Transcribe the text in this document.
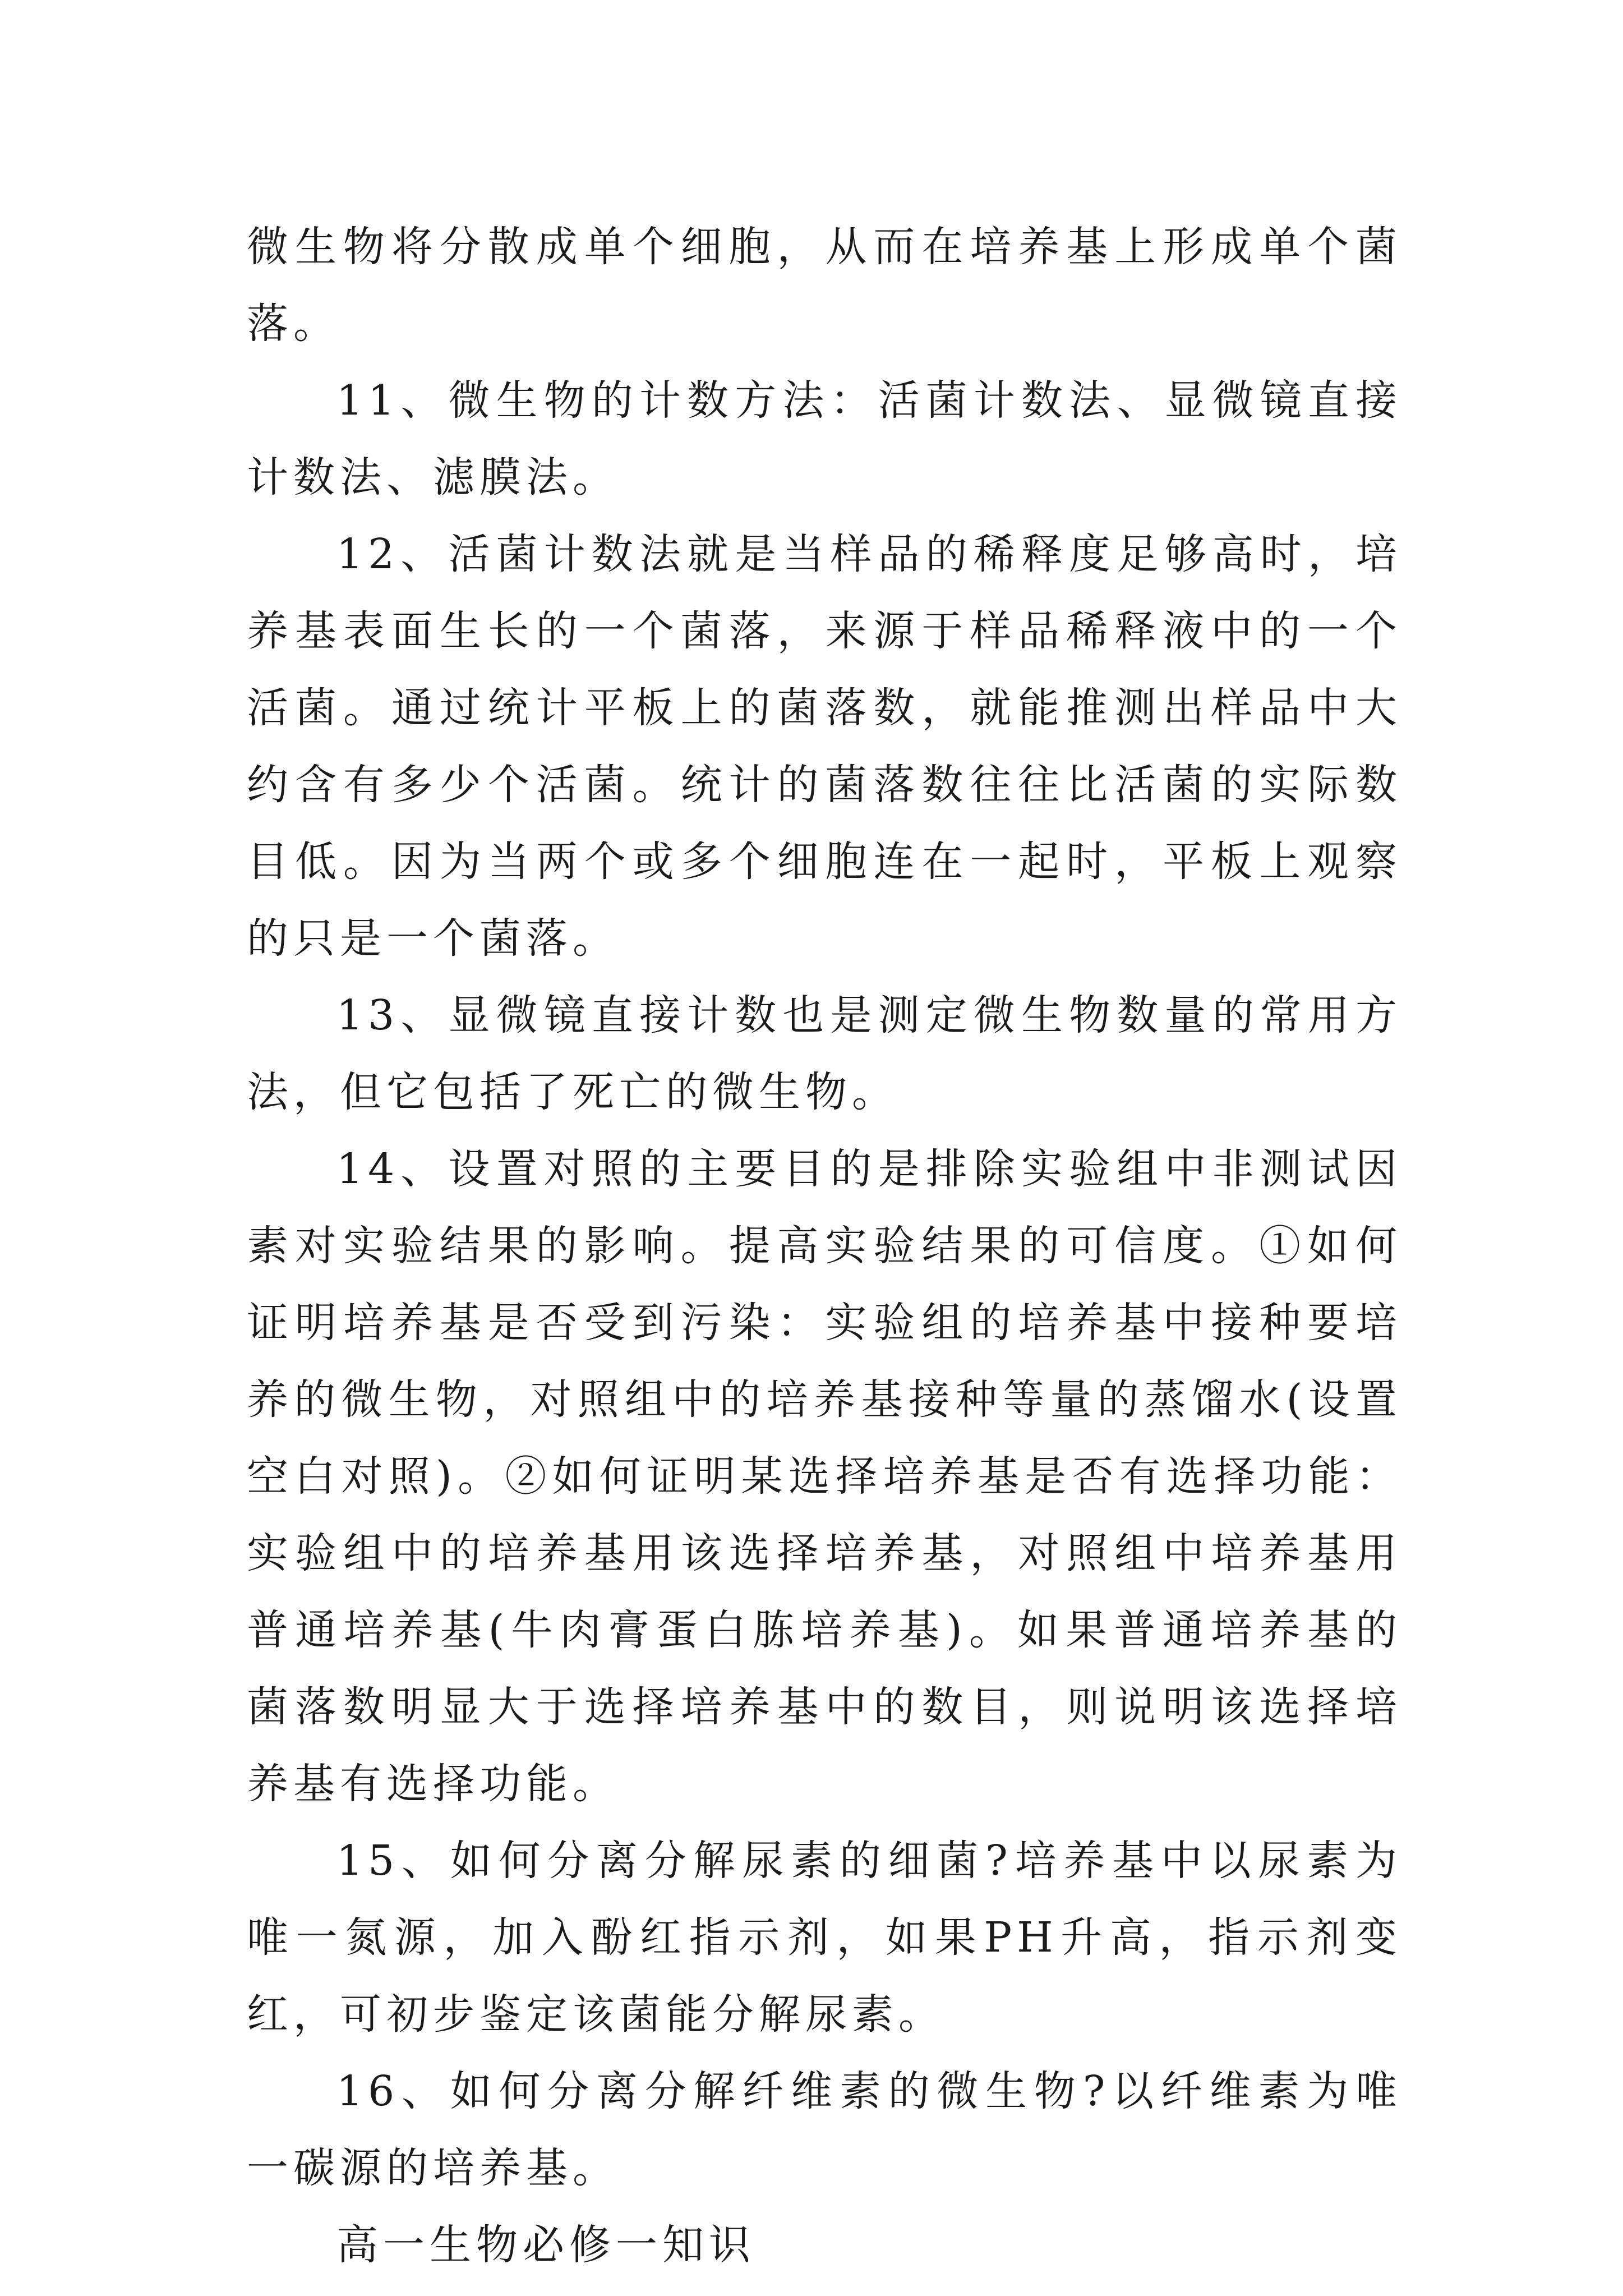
微生物将分散成单个细胞，从而在培养基上形成单个菌落。

11、微生物的计数方法：活菌计数法、显微镜直接计数法、滤膜法。

12、活菌计数法就是当样品的稀释度足够高时，培养基表面生长的一个菌落，来源于样品稀释液中的一个活菌。通过统计平板上的菌落数，就能推测出样品中大约含有多少个活菌。统计的菌落数往往比活菌的实际数目低。因为当两个或多个细胞连在一起时，平板上观察的只是一个菌落。

13、显微镜直接计数也是测定微生物数量的常用方法，但它包括了死亡的微生物。

14、设置对照的主要目的是排除实验组中非测试因素对实验结果的影响。提高实验结果的可信度。①如何证明培养基是否受到污染：实验组的培养基中接种要培养的微生物，对照组中的培养基接种等量的蒸馏水(设置空白对照)。②如何证明某选择培养基是否有选择功能：实验组中的培养基用该选择培养基，对照组中培养基用普通培养基(牛肉膏蛋白胨培养基)。如果普通培养基的菌落数明显大于选择培养基中的数目，则说明该选择培养基有选择功能。

15、如何分离分解尿素的细菌?培养基中以尿素为唯一氮源，加入酚红指示剂，如果PH升高，指示剂变红，可初步鉴定该菌能分解尿素。

16、如何分离分解纤维素的微生物?以纤维素为唯一碳源的培养基。

高一生物必修一知识
